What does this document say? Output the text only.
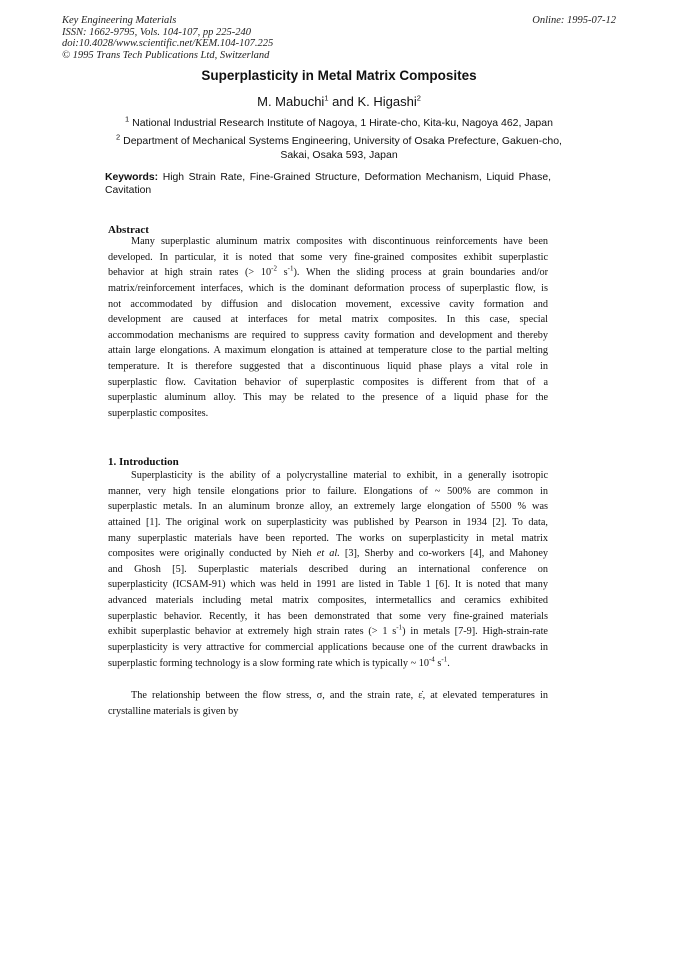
Key Engineering Materials
ISSN: 1662-9795, Vols. 104-107, pp 225-240
doi:10.4028/www.scientific.net/KEM.104-107.225
© 1995 Trans Tech Publications Ltd, Switzerland
Online: 1995-07-12
Superplasticity in Metal Matrix Composites
M. Mabuchi$^1$ and K. Higashi$^2$
$^1$ National Industrial Research Institute of Nagoya, 1 Hirate-cho, Kita-ku, Nagoya 462, Japan
$^2$ Department of Mechanical Systems Engineering, University of Osaka Prefecture, Gakuen-cho, Sakai, Osaka 593, Japan
Keywords: High Strain Rate, Fine-Grained Structure, Deformation Mechanism, Liquid Phase, Cavitation
Abstract
Many superplastic aluminum matrix composites with discontinuous reinforcements have been
developed. In particular, it is noted that some very fine-grained composites exhibit superplastic
behavior at high strain rates (> $10^{-2}$ $s^{-1}$). When the sliding process at grain boundaries and/or
matrix/reinforcement interfaces, which is the dominant deformation process of superplastic flow, is
not accommodated by diffusion and dislocation movement, excessive cavity formation and
development are caused at interfaces for metal matrix composites. In this case, special
accommodation mechanisms are required to suppress cavity formation and development and thereby
attain large elongations. A maximum elongation is attained at temperature close to the partial melting
temperature. It is therefore suggested that a discontinuous liquid phase plays a vital role in
superplastic flow. Cavitation behavior of superplastic composites is different from that of a
superplastic aluminum alloy. This may be related to the presence of a liquid phase for the
superplastic composites.
1. Introduction
Superplasticity is the ability of a polycrystalline material to exhibit, in a generally isotropic
manner, very high tensile elongations prior to failure. Elongations of ~ 500% are common in
superplastic metals. In an aluminum bronze alloy, an extremely large elongation of 5500 % was
attained [1]. The original work on superplasticity was published by Pearson in 1934 [2]. To data,
many superplastic materials have been reported. The works on superplasticity in metal matrix
composites were originally conducted by Nieh et al. [3], Sherby and co-workers [4], and Mahoney
and Ghosh [5]. Superplastic materials described during an international conference on
superplasticity (ICSAM-91) which was held in 1991 are listed in Table 1 [6]. It is noted that many
advanced materials including metal matrix composites, intermetallics and ceramics exhibited
superplastic behavior. Recently, it has been demonstrated that some very fine-grained materials
exhibit superplastic behavior at extremely high strain rates (> 1 $s^{-1}$) in metals [7-9]. High-strain-rate
superplasticity is very attractive for commercial applications because one of the current drawbacks in
superplastic forming technology is a slow forming rate which is typically ~ $10^{-4}$ $s^{-1}$.
The relationship between the flow stress, σ, and the strain rate, ε̇, at elevated temperatures in
crystalline materials is given by
